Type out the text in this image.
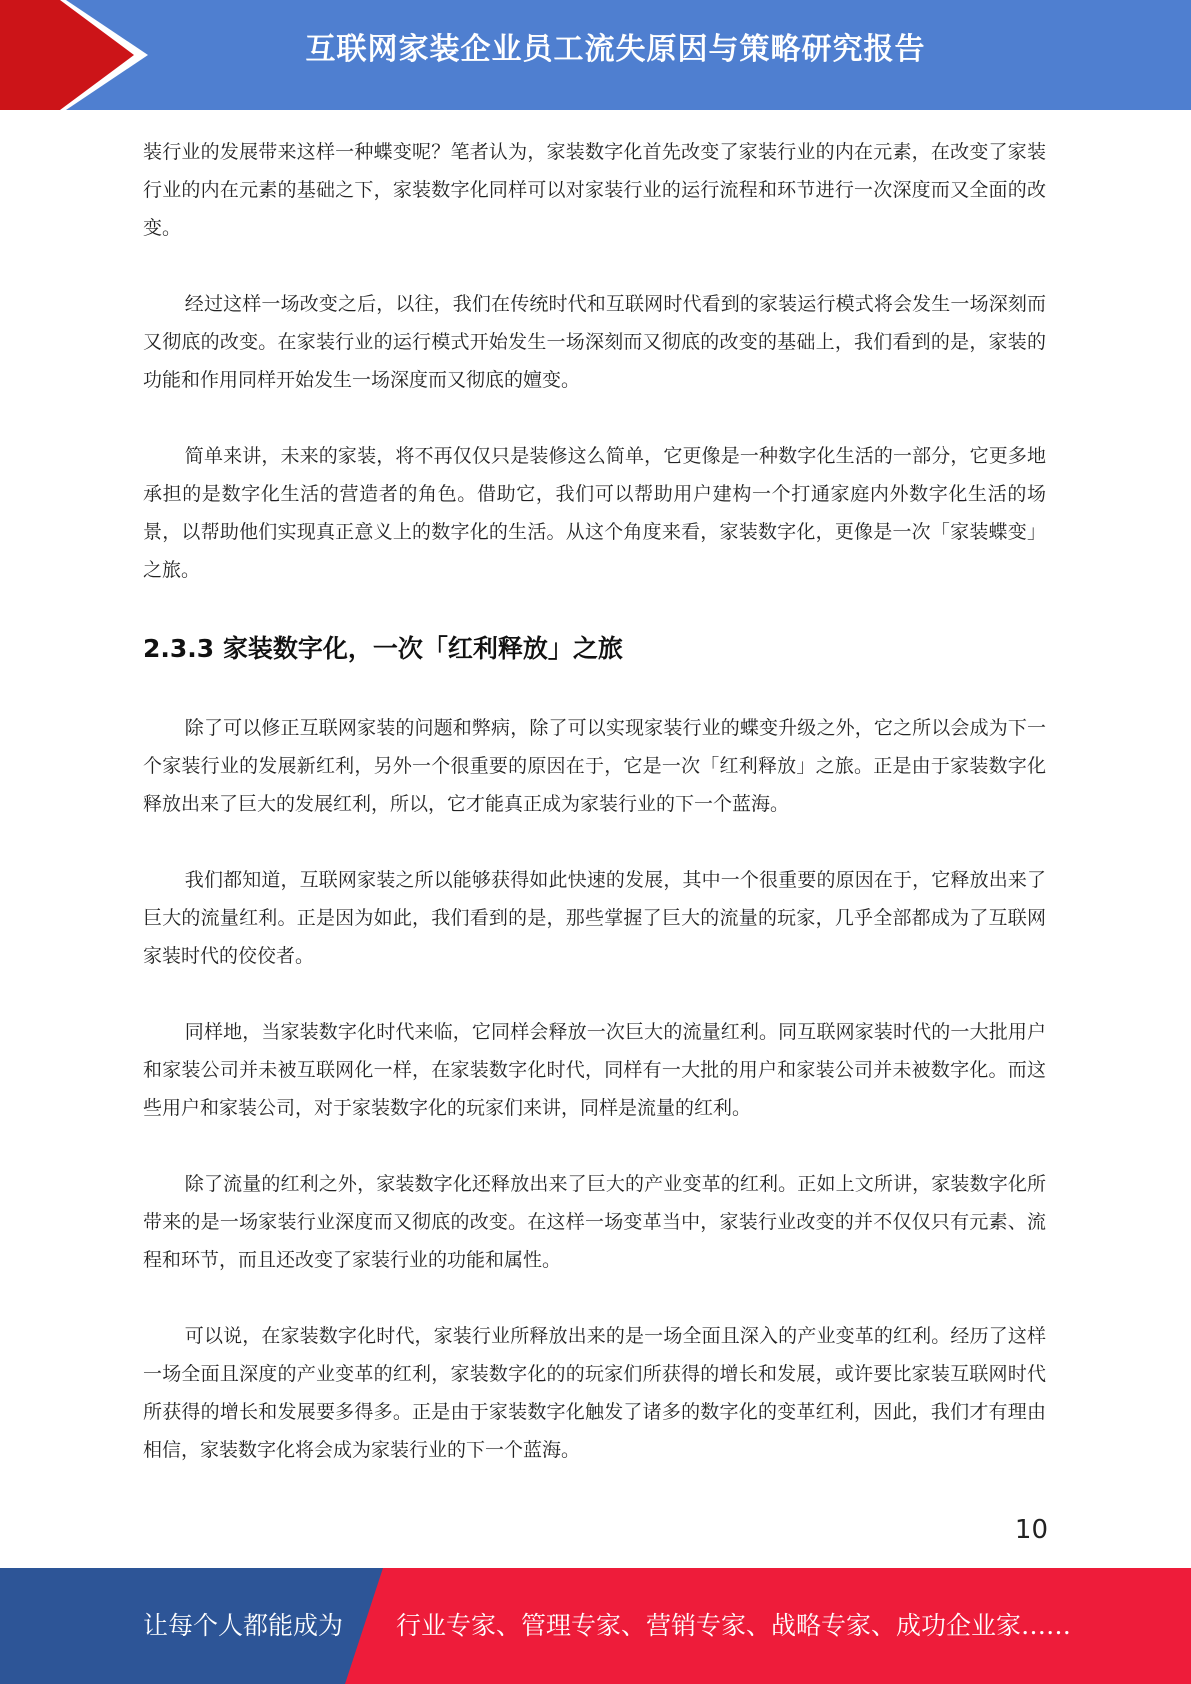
互联网家装企业员工流失原因与策略研究报告

装行业的发展带来这样一种蝶变呢？笔者认为，家装数字化首先改变了家装行业的内在元素，在改变了家装行业的内在元素的基础之下，家装数字化同样可以对家装行业的运行流程和环节进行一次深度而又全面的改变。

经过这样一场改变之后，以往，我们在传统时代和互联网时代看到的家装运行模式将会发生一场深刻而又彻底的改变。在家装行业的运行模式开始发生一场深刻而又彻底的改变的基础上，我们看到的是，家装的功能和作用同样开始发生一场深度而又彻底的嬗变。

简单来讲，未来的家装，将不再仅仅只是装修这么简单，它更像是一种数字化生活的一部分，它更多地承担的是数字化生活的营造者的角色。借助它，我们可以帮助用户建构一个打通家庭内外数字化生活的场景，以帮助他们实现真正意义上的数字化的生活。从这个角度来看，家装数字化，更像是一次「家装蝶变」之旅。

2.3.3 家装数字化，一次「红利释放」之旅

除了可以修正互联网家装的问题和弊病，除了可以实现家装行业的蝶变升级之外，它之所以会成为下一个家装行业的发展新红利，另外一个很重要的原因在于，它是一次「红利释放」之旅。正是由于家装数字化释放出来了巨大的发展红利，所以，它才能真正成为家装行业的下一个蓝海。

我们都知道，互联网家装之所以能够获得如此快速的发展，其中一个很重要的原因在于，它释放出来了巨大的流量红利。正是因为如此，我们看到的是，那些掌握了巨大的流量的玩家，几乎全部都成为了互联网家装时代的佼佼者。

同样地，当家装数字化时代来临，它同样会释放一次巨大的流量红利。同互联网家装时代的一大批用户和家装公司并未被互联网化一样，在家装数字化时代，同样有一大批的用户和家装公司并未被数字化。而这些用户和家装公司，对于家装数字化的玩家们来讲，同样是流量的红利。

除了流量的红利之外，家装数字化还释放出来了巨大的产业变革的红利。正如上文所讲，家装数字化所带来的是一场家装行业深度而又彻底的改变。在这样一场变革当中，家装行业改变的并不仅仅只有元素、流程和环节，而且还改变了家装行业的功能和属性。

可以说，在家装数字化时代，家装行业所释放出来的是一场全面且深入的产业变革的红利。经历了这样一场全面且深度的产业变革的红利，家装数字化的的玩家们所获得的增长和发展，或许要比家装互联网时代所获得的增长和发展要多得多。正是由于家装数字化触发了诸多的数字化的变革红利，因此，我们才有理由相信，家装数字化将会成为家装行业的下一个蓝海。

10
让每个人都能成为 行业专家、管理专家、营销专家、战略专家、成功企业家……
